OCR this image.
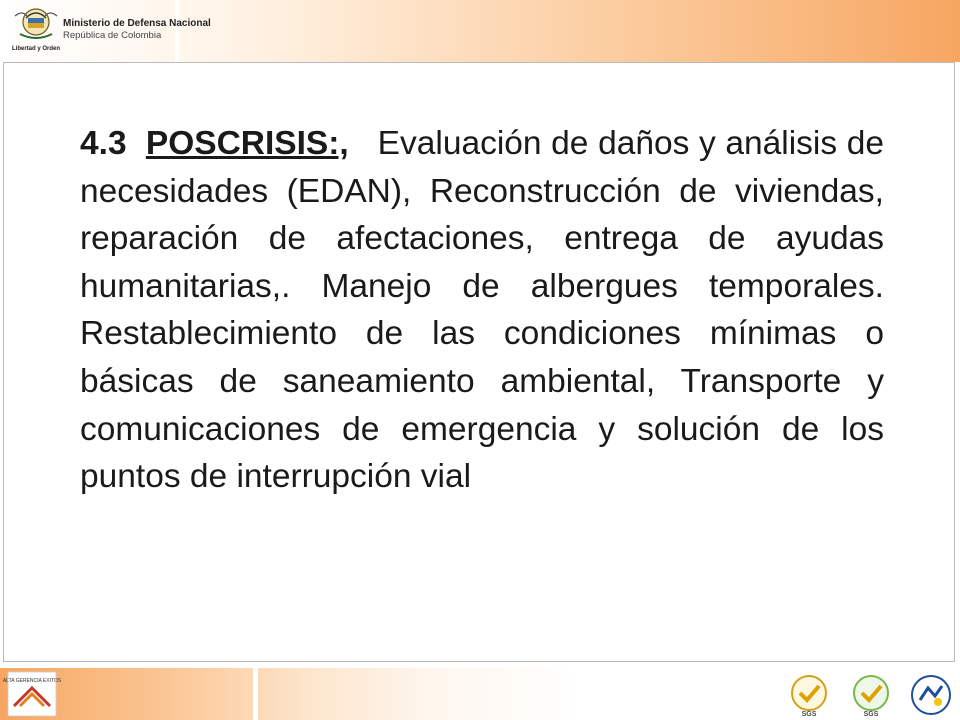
Libertad y Orden
Ministerio de Defensa Nacional
República de Colombia

4.3 POSCRISIS:, Evaluación de daños y análisis de necesidades (EDAN), Reconstrucción de viviendas, reparación de afectaciones, entrega de ayudas humanitarias,. Manejo de albergues temporales. Restablecimiento de las condiciones mínimas o básicas de saneamiento ambiental, Transporte y comunicaciones de emergencia y solución de los puntos de interrupción vial

ALTA GERENCIA EXITOS
SGS	SGS
